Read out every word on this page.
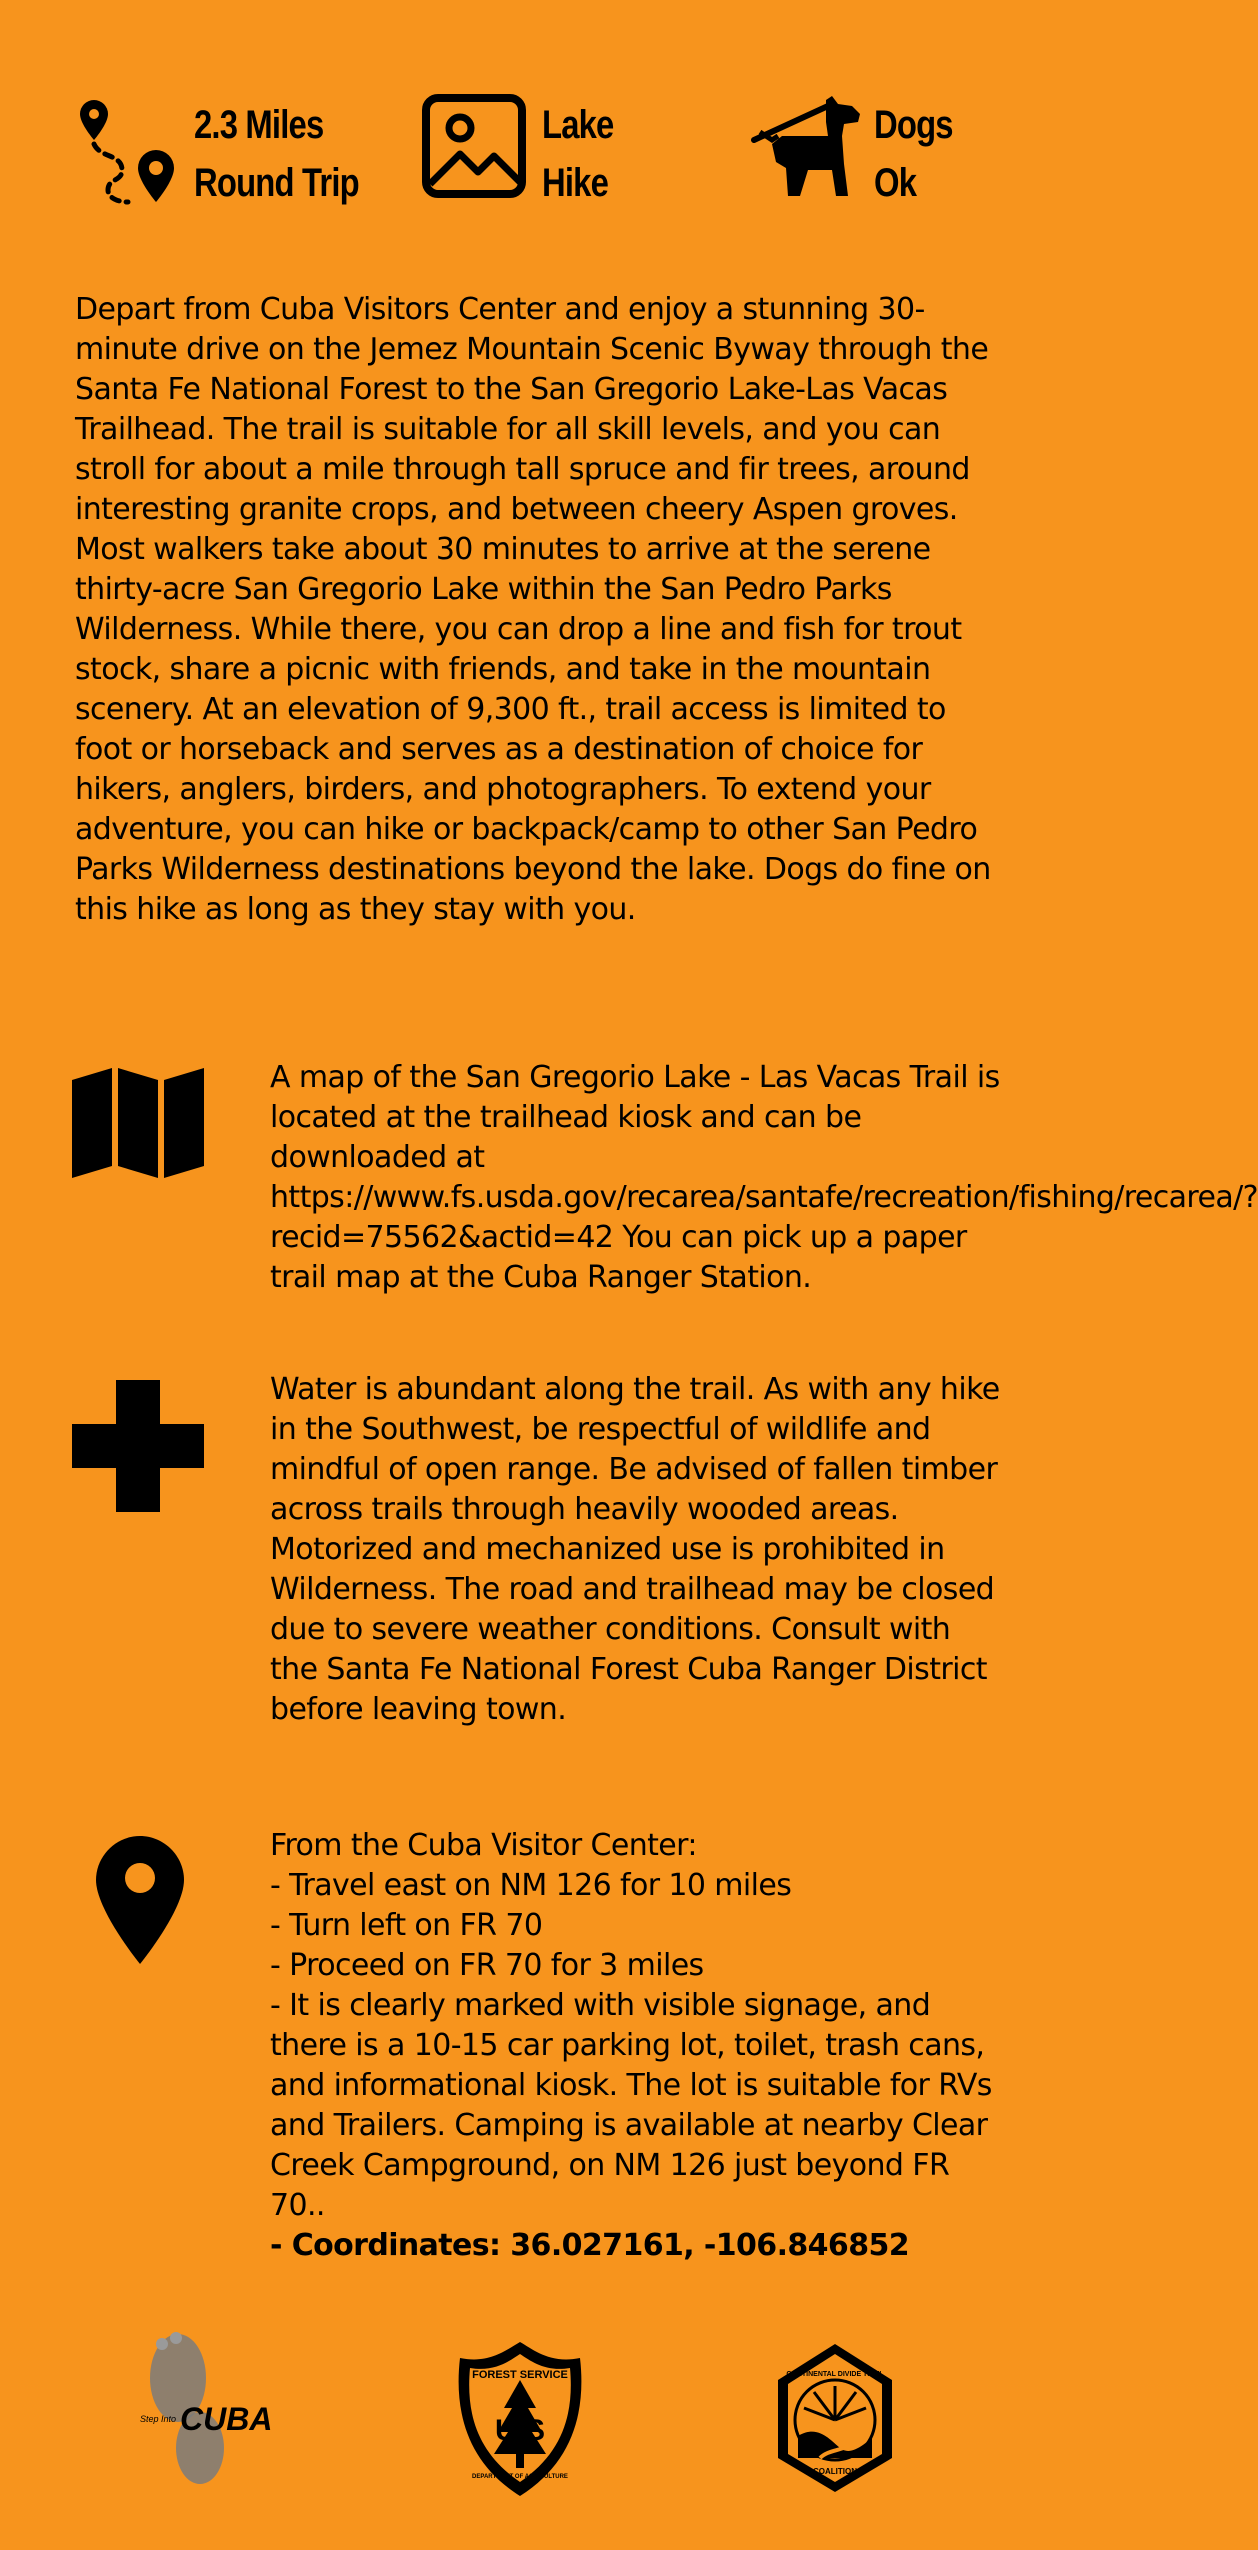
2.3 Miles
Round Trip
Lake
Hike
Dogs
Ok

Depart from Cuba Visitors Center and enjoy a stunning 30-minute drive on the Jemez Mountain Scenic Byway through the Santa Fe National Forest to the San Gregorio Lake-Las Vacas Trailhead. The trail is suitable for all skill levels, and you can stroll for about a mile through tall spruce and fir trees, around interesting granite crops, and between cheery Aspen groves. Most walkers take about 30 minutes to arrive at the serene thirty-acre San Gregorio Lake within the San Pedro Parks Wilderness. While there, you can drop a line and fish for trout stock, share a picnic with friends, and take in the mountain scenery. At an elevation of 9,300 ft., trail access is limited to foot or horseback and serves as a destination of choice for hikers, anglers, birders, and photographers. To extend your adventure, you can hike or backpack/camp to other San Pedro Parks Wilderness destinations beyond the lake. Dogs do fine on this hike as long as they stay with you.

A map of the San Gregorio Lake - Las Vacas Trail is located at the trailhead kiosk and can be downloaded at https://www.fs.usda.gov/recarea/santafe/recreation/fishing/recarea/?recid=75562&actid=42 You can pick up a paper trail map at the Cuba Ranger Station.
Water is abundant along the trail. As with any hike in the Southwest, be respectful of wildlife and mindful of open range. Be advised of fallen timber across trails through heavily wooded areas. Motorized and mechanized use is prohibited in Wilderness. The road and trailhead may be closed due to severe weather conditions. Consult with the Santa Fe National Forest Cuba Ranger District before leaving town.
From the Cuba Visitor Center:
- Travel east on NM 126 for 10 miles
- Turn left on FR 70
- Proceed on FR 70 for 3 miles
- It is clearly marked with visible signage, and there is a 10-15 car parking lot, toilet, trash cans, and informational kiosk. The lot is suitable for RVs and Trailers. Camping is available at nearby Clear Creek Campground, on NM 126 just beyond FR 70..
- Coordinates: 36.027161, -106.846852
Step Into CUBA
FOREST SERVICE
U S
DEPARTMENT OF AGRICULTURE
CONTINENTAL DIVIDE TRAIL
COALITION
